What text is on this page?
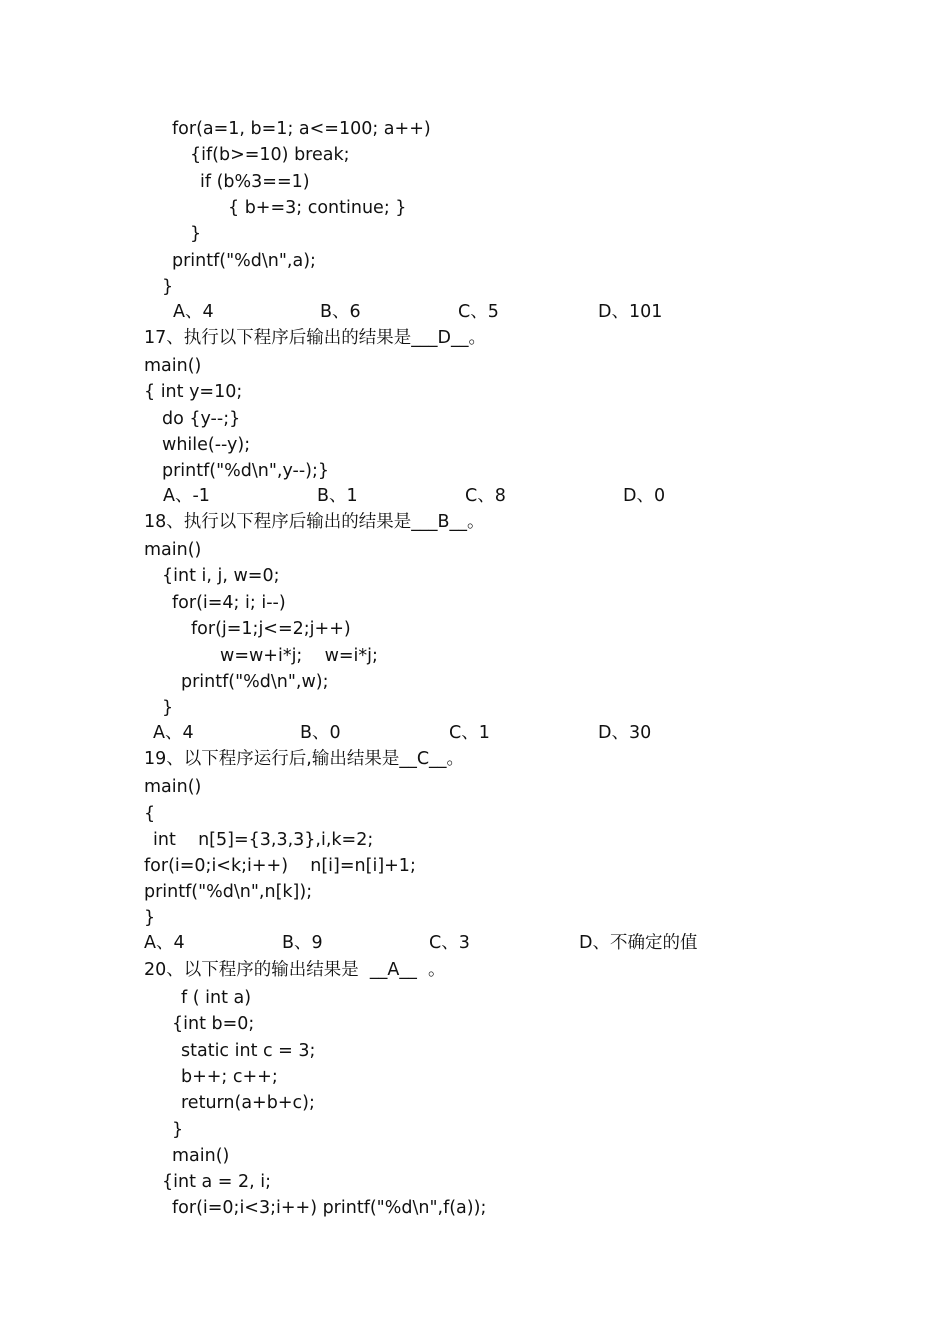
for(a=1, b=1; a<=100; a++)
{if(b>=10) break;
if (b%3==1)
{ b+=3; continue; }
}
printf("%d\n",a);
}
A、4	B、6	C、5	D、101
17、执行以下程序后输出的结果是___D__。
main()
{ int y=10;
do {y--;}
while(--y);
printf("%d\n",y--);}
A、-1	B、1	C、8	D、0
18、执行以下程序后输出的结果是___B__。
main()
{int i, j, w=0;
for(i=4; i; i--)
for(j=1;j<=2;j++)
w=w+i*j;    w=i*j;
printf("%d\n",w);
}
A、4	B、0	C、1	D、30
19、以下程序运行后,输出结果是__C__。
main()
{
int    n[5]={3,3,3},i,k=2;
for(i=0;i<k;i++)    n[i]=n[i]+1;
printf("%d\n",n[k]);
}
A、4	B、9	C、3	D、不确定的值
20、以下程序的输出结果是  __A__  。
f ( int a)
{int b=0;
static int c = 3;
b++; c++;
return(a+b+c);
}
main()
{int a = 2, i;
for(i=0;i<3;i++) printf("%d\n",f(a));
